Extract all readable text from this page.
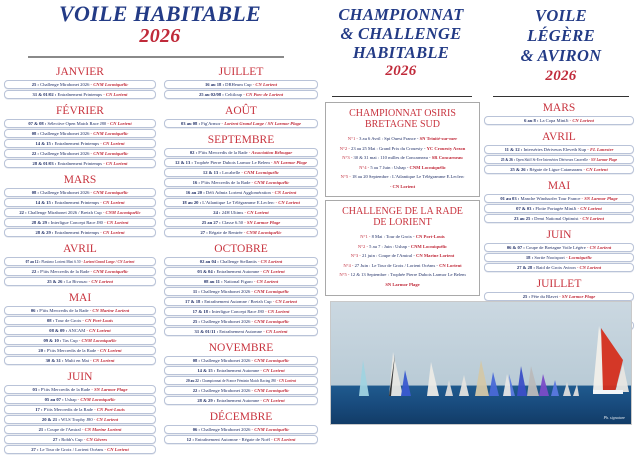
VOILE HABITABLE
2026
CHAMPIONNAT
& CHALLENGE
HABITABLE
2026
VOILE
LÉGÈRE
& AVIRON
2026
JANVIER
25 : Challenge Mirabonet 2026 - CNM Locmiquélic
31 & 01/02 : Entraînement Printemps - CN Lorient
FÉVRIER
07 & 08 : Sélective Open Match Race J80 - CN Lorient
08 : Challenge Mirabonet 2026 - CNM Locmiquélic
14 & 15 : Entraînement Printemps - CN Lorient
22 : Challenge Mirabonet 2026 - CNM Locmiquélic
28 & 01/03 : Entraînement Printemps - CN Lorient
MARS
08 : Challenge Mirabonet 2026 - CNM Locmiquélic
14 & 15 : Entraînement Printemps - CN Lorient
22 : Challenge Mirabonet 2026 / Breizh Cup - CNM Locmiquélic
28 & 29 : Interligue Concept Race J80 - CN Lorient
28 & 29 : Entraînement Printemps - CN Lorient
AVRIL
07 au 12 : Plastimo Lorient Mini 6.50 - Lorient Grand Large / CN Lorient
22 : P'tits Mercredis de la Rade - CNM Locmiquélic
25 & 26 : La Bivouac - CN Lorient
MAI
06 : P'tits Mercredis de la Rade - CN Marine Lorient
08 : Tour de Groix - CN Port-Louis
08 & 09 : ANCAM - CN Lorient
09 & 10 : Tas Cup - CNM Locmiquélic
20 : P'tits Mercredis de la Rade - CN Lorient
30 & 31 : Multi en Mai - CN Lorient
JUIN
03 : P'tits Mercredis de la Rade - SN Larmor Plage
05 au 07 : Ushap - CNM Locmiquélic
17 : P'tits Mercredis de la Rade - CN Port-Louis
20 & 21 : WLS Trophy J80 - CN Lorient
21 : Coupe de l'Amiral - CN Marine Lorient
27 : Robb's Cup - CN Gâvres
27 : Le Tour de Groix / Lorient Océans - CN Lorient
JUILLET
16 au 18 : DRHeum Cup - CN Lorient
25 au 02/08 : Celtiloup - CN Parc de Lorient
AOÛT
03 au 08 : Fig'Armor - Lorient Grand Large / SN Larmor Plage
SEPTEMBRE
02 : P'tits Mercredis de la Rade - Association Bélougar
12 & 13 : Trophée Pierre Dubois Larmor Le Belem - SN Larmor Plage
12 & 13 : Locabelle - CNM Locmiquélic
16 : P'tits Mercredis de la Rade - CNM Locmiquélic
16 au 20 : Défi Admiz Lorient Agglomération - CN Lorient
18 au 20 : L'Atlantique Le Télégramme E.Leclerc - CN Lorient
24 : 24H Ultims - CN Lorient
25 au 27 : Classe 6.50 - SN Larmor Plage
27 : Régate de Rentrée - CNM Locmiquélic
OCTOBRE
02 au 04 : Challenge Stellantis - CN Lorient
03 & 04 : Entraînement Automne - CN Lorient
08 au 11 : National Figaro - CN Lorient
11 : Challenge Mirabonet 2026 - CNM Locmiquélic
17 & 18 : Entraînement Automne / Breizh Cup - CN Lorient
17 & 18 : Interligue Concept Race J80 - CN Lorient
25 : Challenge Mirabonet 2026 - CNM Locmiquélic
31 & 01/11 : Entraînement Automne - CN Lorient
NOVEMBRE
08 : Challenge Mirabonet 2026 - CNM Locmiquélic
14 & 15 : Entraînement Automne - CN Lorient
20 au 22 : Championnat de France Féminin Match Racing J80 - CN Lorient
22 : Challenge Mirabonet 2026 - CNM Locmiquélic
28 & 29 : Entraînement Automne - CN Lorient
DÉCEMBRE
06 : Challenge Mirabonet 2026 - CNM Locmiquélic
12 : Entraînement Automne - Régate de Noël - CN Lorient
MARS
6 au 8 : La Copa MiniJi - CN Lorient
AVRIL
11 & 12 : Interséries Dériveurs Eleveth Kup - FL Lanester
25 & 26 : Open Skiff St-Eve Interséries Dériveurs Caravelle - SN Larmor Plage
25 & 26 : Régate de Ligue Catamarans - CN Lorient
MAI
01 au 03 : Manche Windsurfer Tour France - SN Larmor Plage
07 & 03 : Flotte Portagée MiniJi - CN Lorient
23 au 25 : Demi National Optimist - CN Lorient
JUIN
06 & 07 : Coupe de Bretagne Voile Légère - CN Lorient
18 : Sortie Nooisport - Locmiquélic
27 & 28 : Raid de Groix Aviron - CN Lorient
JUILLET
25 : Fête du Blavet - SN Larmor Plage
CHAMPIONNAT OSIRIS
BRETAGNE SUD
N°1 - 3 au 6 Avril : Spi Ouest France - SN Trinité-sur-mer
N°2 - 23 au 25 Mai : Grand Prix du Crouesty - YC Crouesty Arzon
N°3 - 30 & 31 mai : 110 milles de Concarneau - SR Concarneau
N°4 - 5 au 7 Juin : Ushap - CNM Locmiquélic
N°5 - 18 au 20 Septembre : L'Atlantique Le Télégramme E.Leclerc
- CN Lorient
CHALLENGE DE LA RADE
DE LORIENT
N°1 - 8 Mai : Tour de Groix - CN Port-Louis
N°2 - 5 au 7 : Juin : Ushap - CNM Locmiquélic
N°3 - 21 juin : Coupe de l'Amiral - CN Marine Lorient
N°4 - 27 Juin : Le Tour de Groix / Lorient Océans - CN Lorient
N°5 - 12 & 13 Septembre : Trophée Pierre Dubois Larmor Le Belem
SN Larmor Plage
Ph. signature
